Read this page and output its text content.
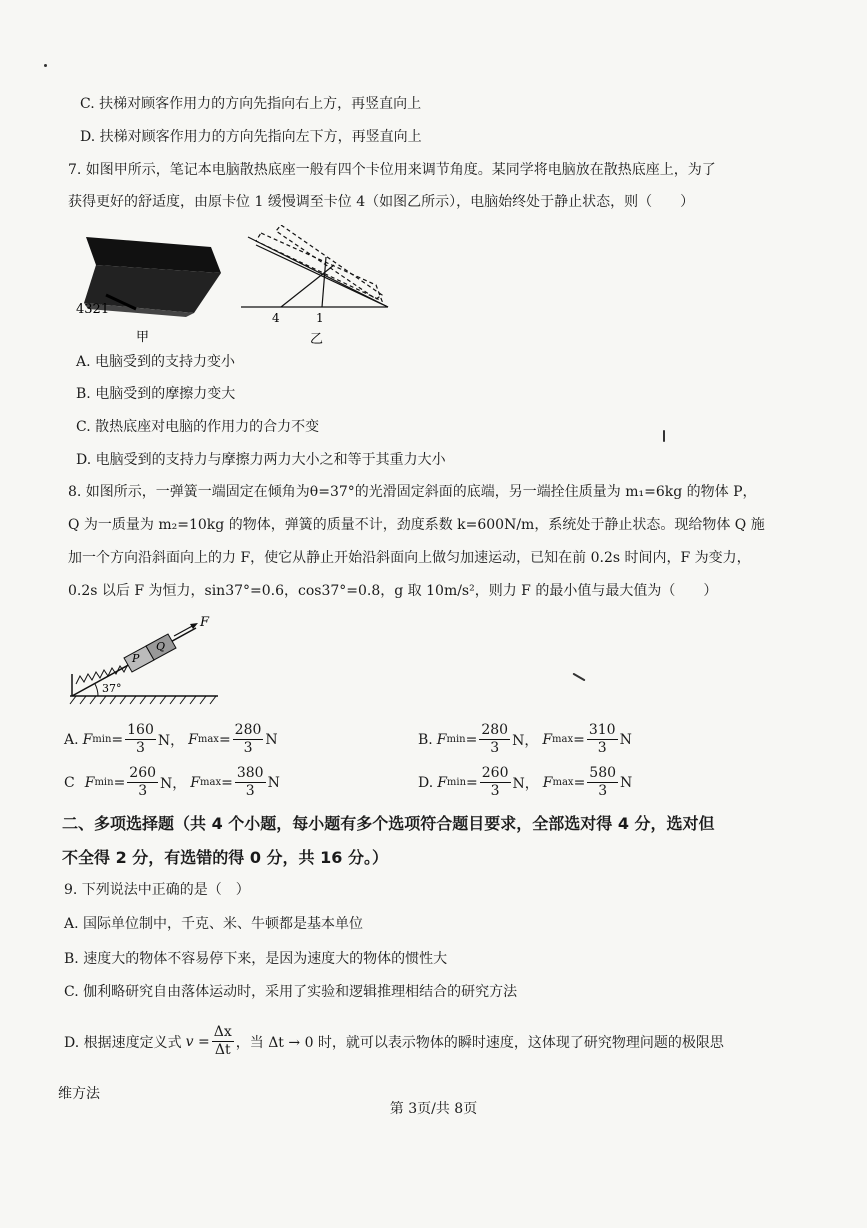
C. 扶梯对顾客作用力的方向先指向右上方，再竖直向上
D. 扶梯对顾客作用力的方向先指向左下方，再竖直向上
7. 如图甲所示，笔记本电脑散热底座一般有四个卡位用来调节角度。某同学将电脑放在散热底座上，为了
获得更好的舒适度，由原卡位 1 缓慢调至卡位 4（如图乙所示），电脑始终处于静止状态，则（　　）
4321
甲
4	1
乙
A. 电脑受到的支持力变小
B. 电脑受到的摩擦力变大
C. 散热底座对电脑的作用力的合力不变
D. 电脑受到的支持力与摩擦力两力大小之和等于其重力大小
8. 如图所示，一弹簧一端固定在倾角为θ=37°的光滑固定斜面的底端，另一端拴住质量为 m₁=6kg 的物体 P，
Q 为一质量为 m₂=10kg 的物体，弹簧的质量不计，劲度系数 k=600N/m，系统处于静止状态。现给物体 Q 施
加一个方向沿斜面向上的力 F，使它从静止开始沿斜面向上做匀加速运动，已知在前 0.2s 时间内，F 为变力，
0.2s 以后 F 为恒力，sin37°=0.6，cos37°=0.8，g 取 10m/s²，则力 F 的最小值与最大值为（　　）
P
Q
F
37°
A. F $\min = \frac{160}{3}$ N， F $\max = \frac{280}{3}$ N	B. F $\min = \frac{280}{3}$ N， F $\max = \frac{310}{3}$ N
C F $\min = \frac{260}{3}$ N， F $\max = \frac{380}{3}$ N	D. F $\min = \frac{260}{3}$ N， F $\max = \frac{580}{3}$ N
二、多项选择题（共 4 个小题，每小题有多个选项符合题目要求，全部选对得 4 分，选对但
不全得 2 分，有选错的得 0 分，共 16 分。）
9. 下列说法中正确的是（　）
A. 国际单位制中，千克、米、牛顿都是基本单位
B. 速度大的物体不容易停下来，是因为速度大的物体的惯性大
C. 伽利略研究自由落体运动时，采用了实验和逻辑推理相结合的研究方法
D. 根据速度定义式 $v = \frac{\Delta x}{\Delta t}$ ，当 Δt → 0 时，就可以表示物体的瞬时速度，这体现了研究物理问题的极限思
维方法
第 3页/共 8页
